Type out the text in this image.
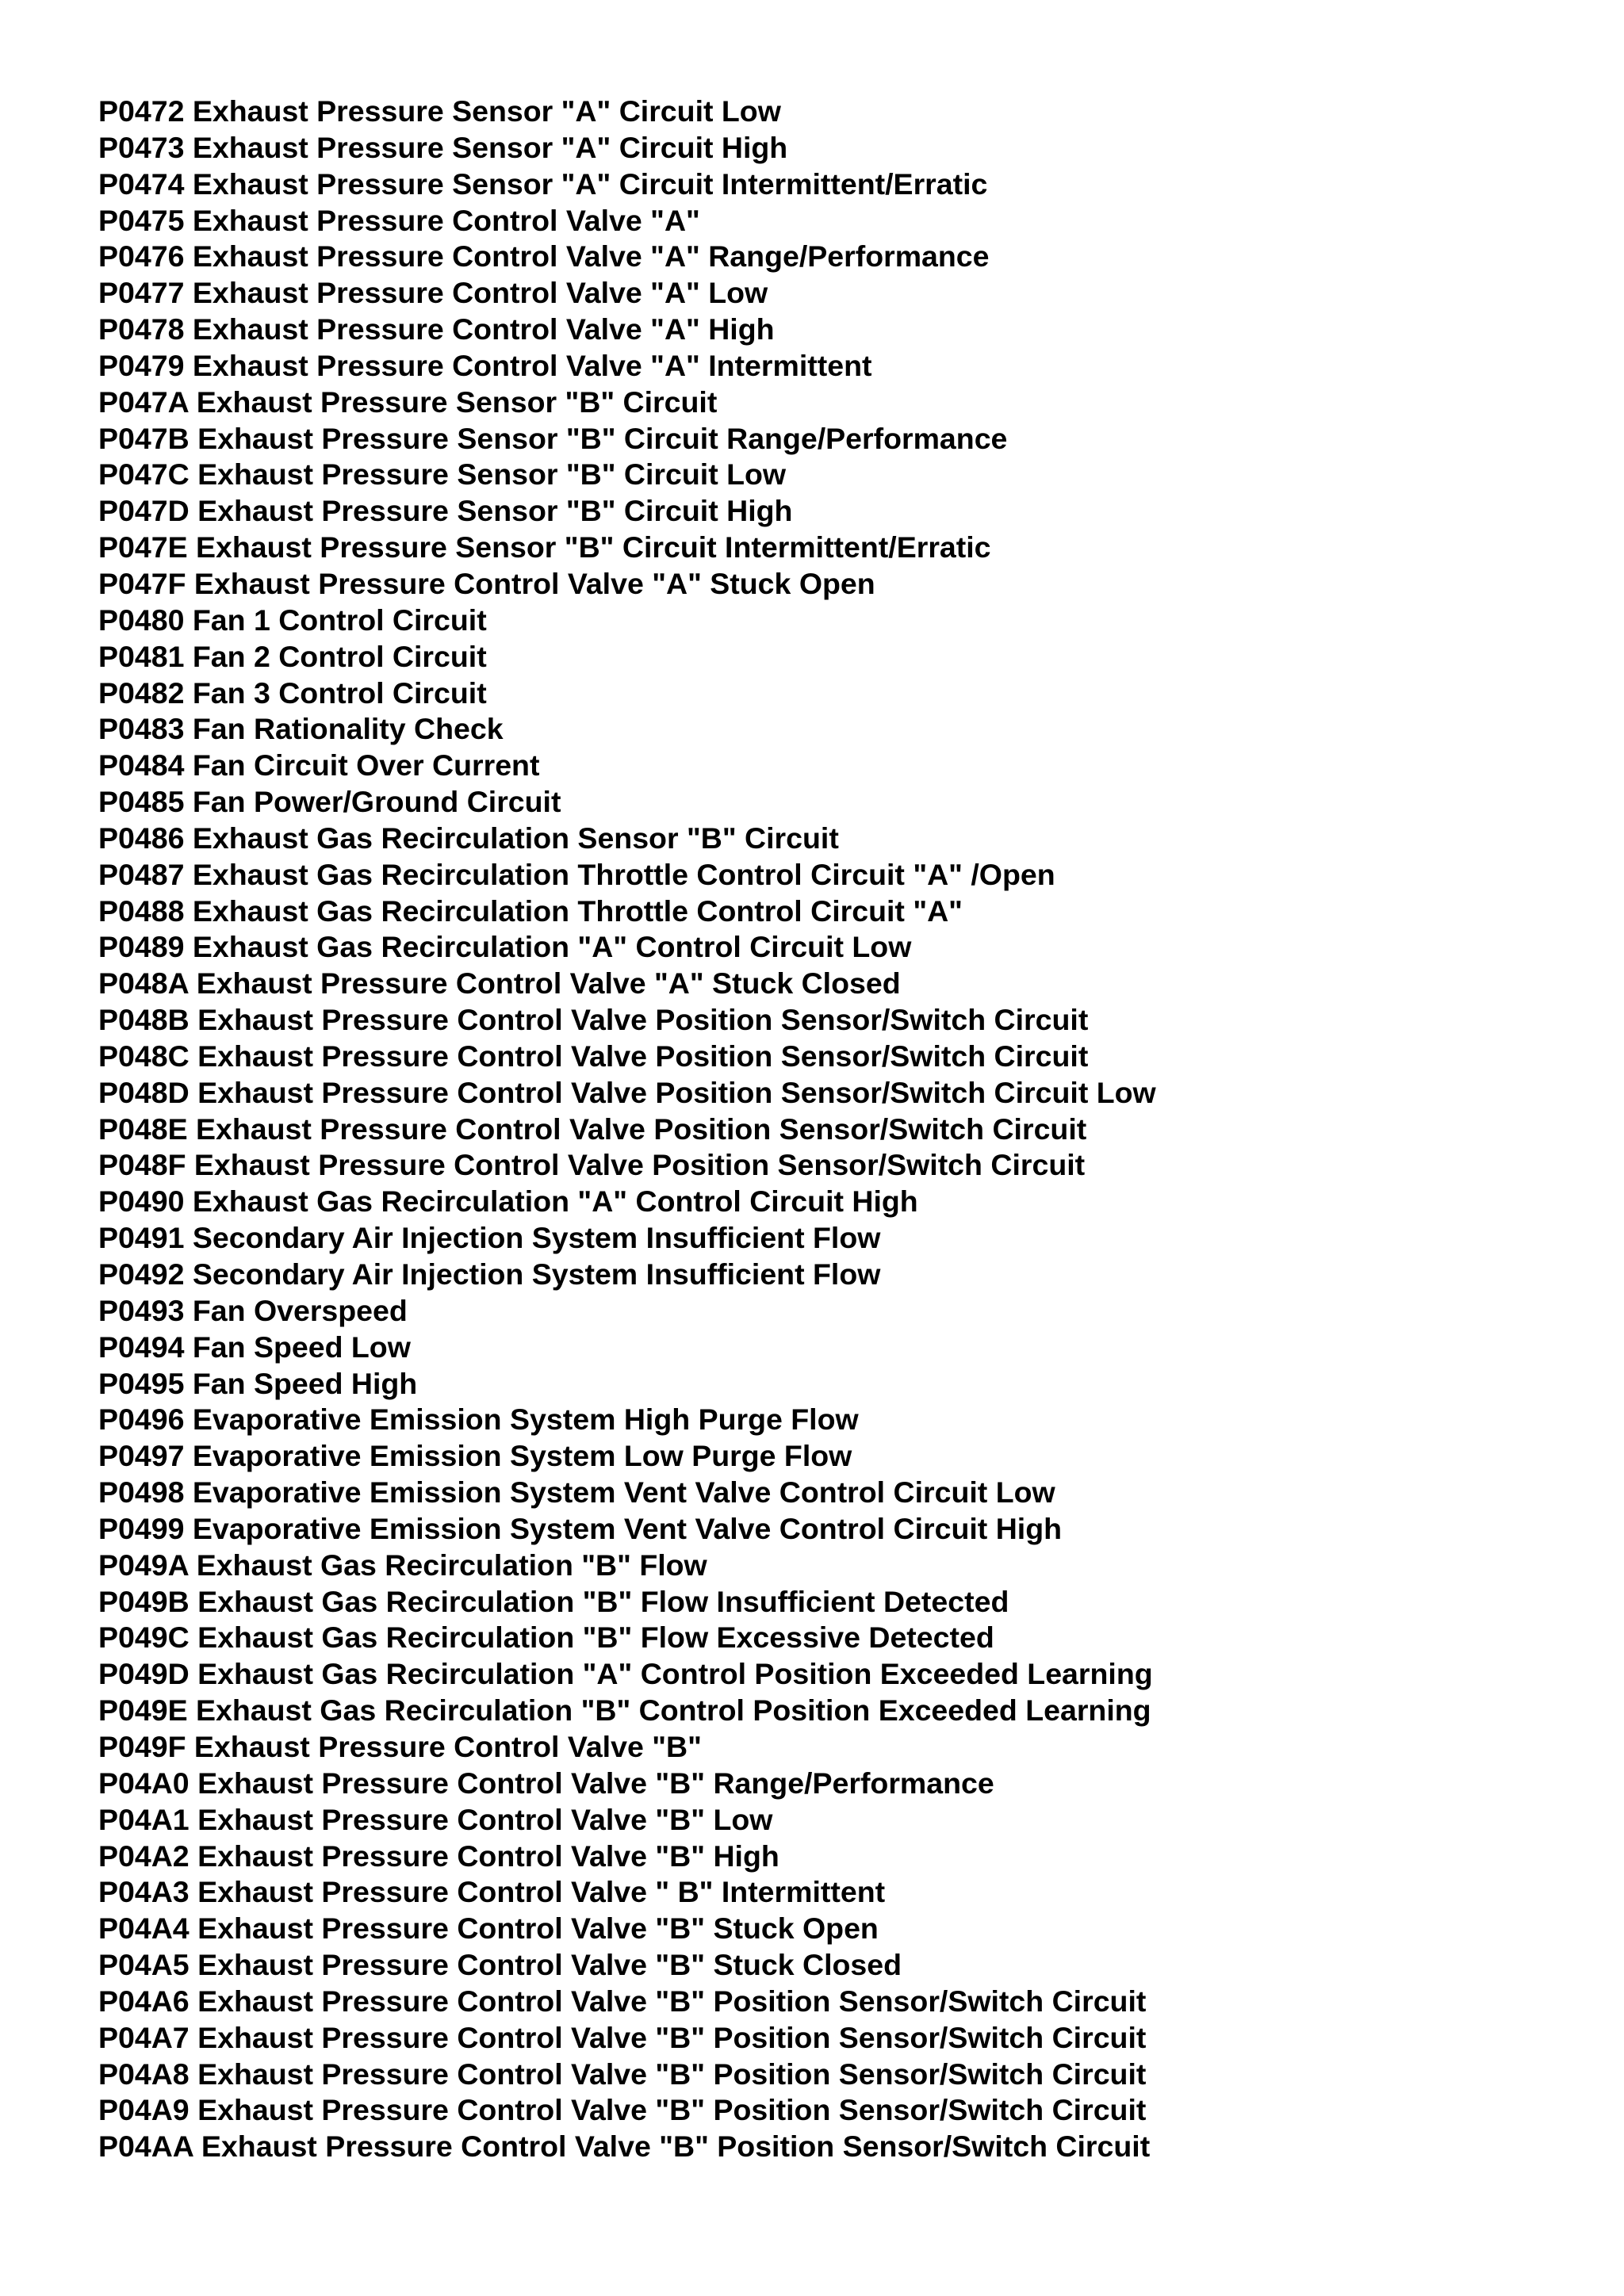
P0472 Exhaust Pressure Sensor "A" Circuit Low
P0473 Exhaust Pressure Sensor "A" Circuit High
P0474 Exhaust Pressure Sensor "A" Circuit Intermittent/Erratic
P0475 Exhaust Pressure Control Valve "A"
P0476 Exhaust Pressure Control Valve "A" Range/Performance
P0477 Exhaust Pressure Control Valve "A" Low
P0478 Exhaust Pressure Control Valve "A" High
P0479 Exhaust Pressure Control Valve "A" Intermittent
P047A Exhaust Pressure Sensor "B" Circuit
P047B Exhaust Pressure Sensor "B" Circuit Range/Performance
P047C Exhaust Pressure Sensor "B" Circuit Low
P047D Exhaust Pressure Sensor "B" Circuit High
P047E Exhaust Pressure Sensor "B" Circuit Intermittent/Erratic
P047F Exhaust Pressure Control Valve "A" Stuck Open
P0480 Fan 1 Control Circuit
P0481 Fan 2 Control Circuit
P0482 Fan 3 Control Circuit
P0483 Fan Rationality Check
P0484 Fan Circuit Over Current
P0485 Fan Power/Ground Circuit
P0486 Exhaust Gas Recirculation Sensor "B" Circuit
P0487 Exhaust Gas Recirculation Throttle Control Circuit "A" /Open
P0488 Exhaust Gas Recirculation Throttle Control Circuit "A"
P0489 Exhaust Gas Recirculation "A" Control Circuit Low
P048A Exhaust Pressure Control Valve "A" Stuck Closed
P048B Exhaust Pressure Control Valve Position Sensor/Switch Circuit
P048C Exhaust Pressure Control Valve Position Sensor/Switch Circuit
P048D Exhaust Pressure Control Valve Position Sensor/Switch Circuit Low
P048E Exhaust Pressure Control Valve Position Sensor/Switch Circuit
P048F Exhaust Pressure Control Valve Position Sensor/Switch Circuit
P0490 Exhaust Gas Recirculation "A" Control Circuit High
P0491 Secondary Air Injection System Insufficient Flow
P0492 Secondary Air Injection System Insufficient Flow
P0493 Fan Overspeed
P0494 Fan Speed Low
P0495 Fan Speed High
P0496 Evaporative Emission System High Purge Flow
P0497 Evaporative Emission System Low Purge Flow
P0498 Evaporative Emission System Vent Valve Control Circuit Low
P0499 Evaporative Emission System Vent Valve Control Circuit High
P049A Exhaust Gas Recirculation "B" Flow
P049B Exhaust Gas Recirculation "B" Flow Insufficient Detected
P049C Exhaust Gas Recirculation "B" Flow Excessive Detected
P049D Exhaust Gas Recirculation "A" Control Position Exceeded Learning
P049E Exhaust Gas Recirculation "B" Control Position Exceeded Learning
P049F Exhaust Pressure Control Valve "B"
P04A0 Exhaust Pressure Control Valve "B" Range/Performance
P04A1 Exhaust Pressure Control Valve "B" Low
P04A2 Exhaust Pressure Control Valve "B" High
P04A3 Exhaust Pressure Control Valve " B" Intermittent
P04A4 Exhaust Pressure Control Valve "B" Stuck Open
P04A5 Exhaust Pressure Control Valve "B" Stuck Closed
P04A6 Exhaust Pressure Control Valve "B" Position Sensor/Switch Circuit
P04A7 Exhaust Pressure Control Valve "B" Position Sensor/Switch Circuit
P04A8 Exhaust Pressure Control Valve "B" Position Sensor/Switch Circuit
P04A9 Exhaust Pressure Control Valve "B" Position Sensor/Switch Circuit
P04AA Exhaust Pressure Control Valve "B" Position Sensor/Switch Circuit
